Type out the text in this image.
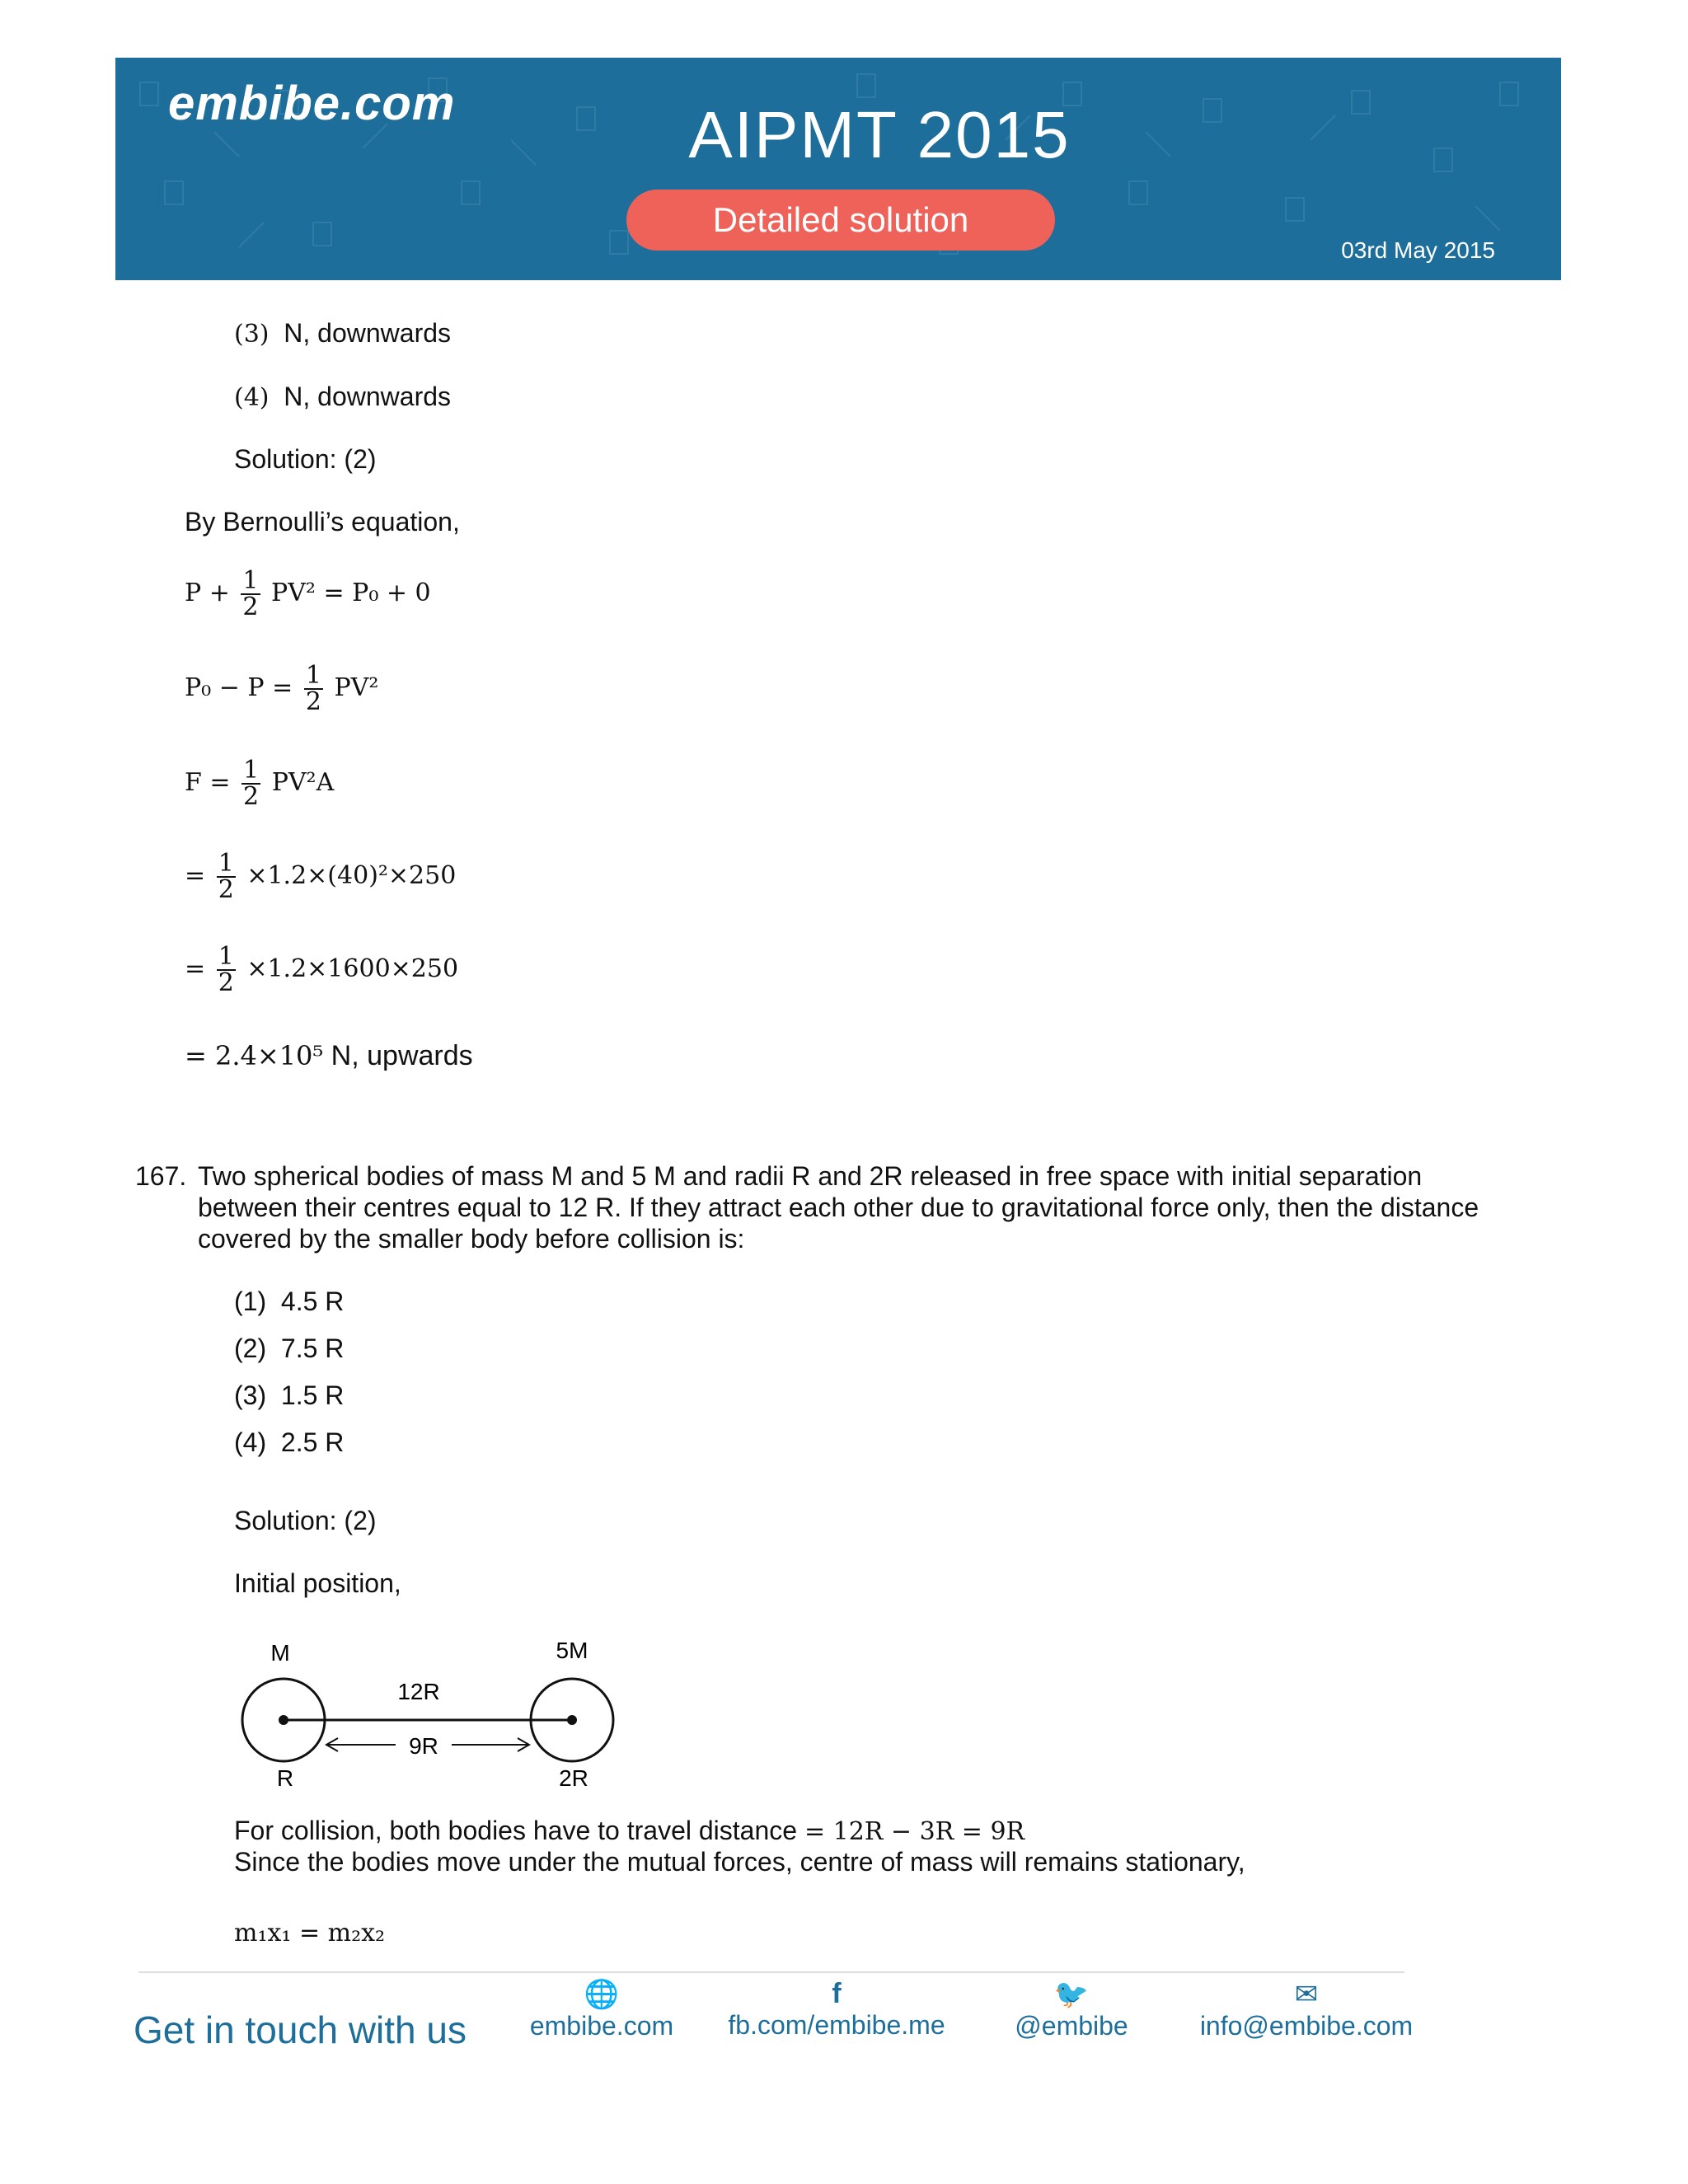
embibe.com	AIPMT 2015
Detailed solution
03rd May 2015
(3) N, downwards
(4) N, downwards
Solution: (2)
By Bernoulli’s equation,
$P + \frac{1}{2} PV^2 = P_0 + 0$
$P_0 - P = \frac{1}{2} PV^2$
$F = \frac{1}{2} PV^2A$
= $\frac{1}{2} \times 1.2\times(40)^2\times 250$
= $\frac{1}{2} \times 1.2\times 1600\times 250$
= 2.4×10⁵ N, upwards
167. Two spherical bodies of mass M and 5 M and radii R and 2R released in free space with initial separation
between their centres equal to 12 R. If they attract each other due to gravitational force only, then the distance
covered by the smaller body before collision is:
(1) 4.5 R
(2) 7.5 R
(3) 1.5 R
(4) 2.5 R
Solution: (2)
Initial position,
M	5M
12R
9R
R	2R
For collision, both bodies have to travel distance = 12R − 3R = 9R
Since the bodies move under the mutual forces, centre of mass will remains stationary,
m₁x₁ = m₂x₂
Get in touch with us
🌐
embibe.com
f
fb.com/embibe.me
🐦
@embibe
✉
info@embibe.com
